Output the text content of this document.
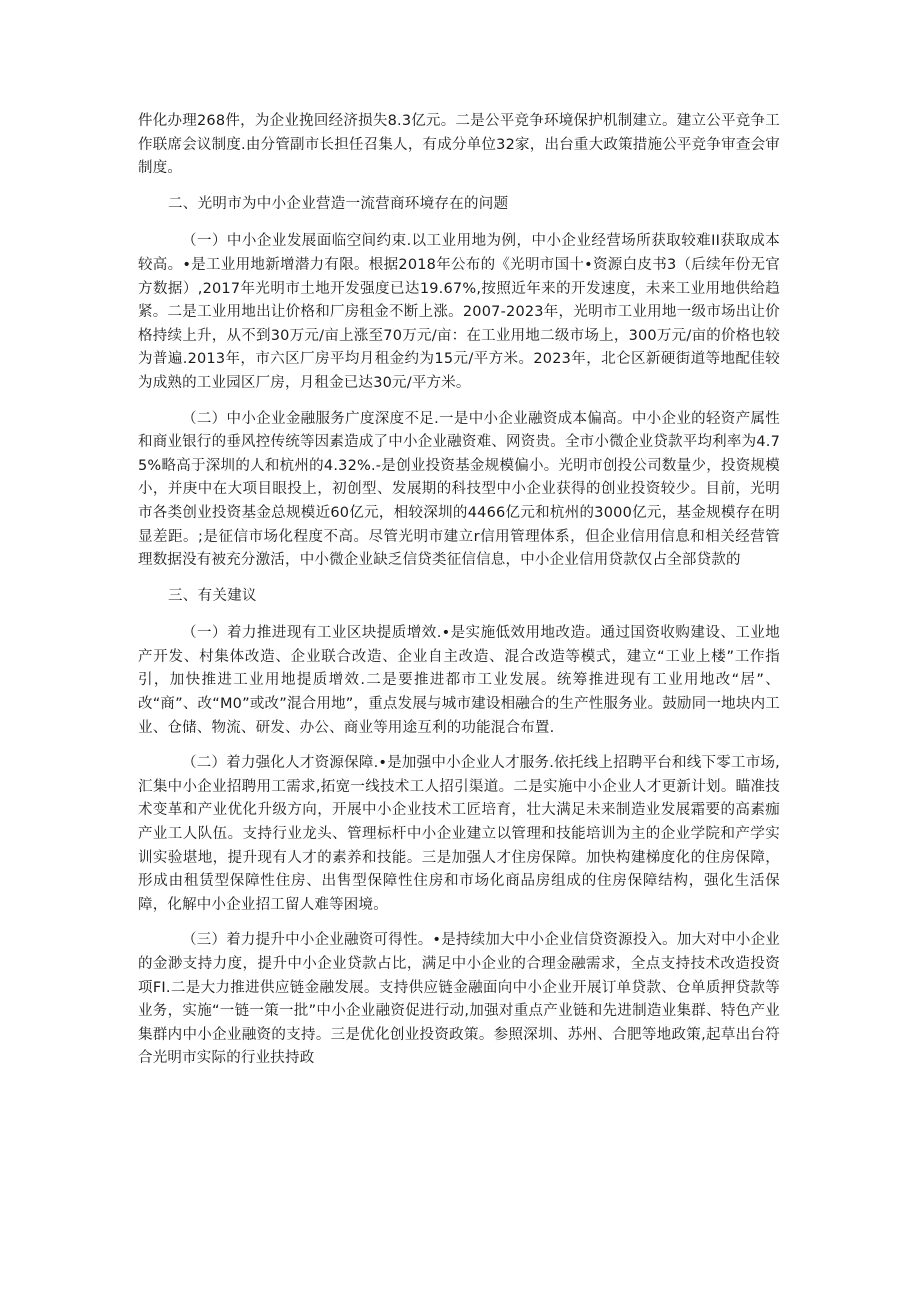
件化办理268件，为企业挽回经济损失8.3亿元。二是公平竞争环境保护机制建立。建立公平竞争工作联席会议制度.由分管副市长担任召集人，有成分单位32家，出台重大政策措施公平竞争审查会审制度。

二、光明市为中小企业营造一流营商环境存在的问题

（一）中小企业发展面临空间约束.以工业用地为例，中小企业经营场所获取较难II获取成本较高。•是工业用地新增潜力有限。根据2018年公布的《光明市国十•资源白皮书3（后续年份无官方数据）,2017年光明市土地开发强度已达19.67%,按照近年来的开发速度，未来工业用地供给趋紧。二是工业用地出让价格和厂房租金不断上涨。2007-2023年，光明市工业用地一级市场出让价格持续上升，从不到30万元/亩上涨至70万元/亩：在工业用地二级市场上，300万元/亩的价格也较为普遍.2013年，市六区厂房平均月租金约为15元/平方米。2023年，北仑区新硬街道等地配佳较为成熟的工业园区厂房，月租金已达30元/平方米。

（二）中小企业金融服务广度深度不足.一是中小企业融资成本偏高。中小企业的轻资产属性和商业银行的垂风控传统等因素造成了中小企业融资难、网资贵。全市小微企业贷款平均利率为4.75%略高于深圳的人和杭州的4.32%.-是创业投资基金规模偏小。光明市创投公司数量少，投资规模小，并庚中在大项目眼投上，初创型、发展期的科技型中小企业获得的创业投资较少。目前，光明市各类创业投资基金总规模近60亿元，相较深圳的4466亿元和杭州的3000亿元，基金规模存在明显差距。;是征信市场化程度不高。尽管光明市建立r信用管理体系，但企业信用信息和相关经营管理数据没有被充分激活，中小微企业缺乏信贷类征信信息，中小企业信用贷款仅占全部贷款的

三、有关建议

（一）着力推进现有工业区块提质增效.•是实施低效用地改造。通过国资收购建设、工业地产开发、村集体改造、企业联合改造、企业自主改造、混合改造等模式，建立“工业上楼”工作指引，加快推进工业用地提质增效.二是要推进都市工业发展。统筹推进现有工业用地改“居”、改“商”、改“M0”或改”混合用地”，重点发展与城市建设相融合的生产性服务业。鼓励同一地块内工业、仓储、物流、研发、办公、商业等用途互利的功能混合布置.

（二）着力强化人才资源保障.•是加强中小企业人才服务.依托线上招聘平台和线下零工市场,汇集中小企业招聘用工需求,拓宽一线技术工人招引渠道。二是实施中小企业人才更新计划。瞄准技术变革和产业优化升级方向，开展中小企业技术工匠培育，壮大满足未来制造业发展霜要的高素痂产业工人队伍。支持行业龙头、管理标杆中小企业建立以管理和技能培训为主的企业学院和产学实训实验堪地，提升现有人才的素养和技能。三是加强人才住房保障。加快构建梯度化的住房保障，形成由租赁型保障性住房、出售型保障性住房和市场化商品房组成的住房保障结构，强化生活保障，化解中小企业招工留人难等困境。

（三）着力提升中小企业融资可得性。•是持续加大中小企业信贷资源投入。加大对中小企业的金渺支持力度，提升中小企业贷款占比，满足中小企业的合理金融需求，全点支持技术改造投资项FI.二是大力推进供应链金融发展。支持供应链金融面向中小企业开展订单贷款、仓单质押贷款等业务，实施“一链一策一批”中小企业融资促进行动,加强对重点产业链和先进制造业集群、特色产业集群内中小企业融资的支持。三是优化创业投资政策。参照深圳、苏州、合肥等地政策,起草出台符合光明市实际的行业扶持政
